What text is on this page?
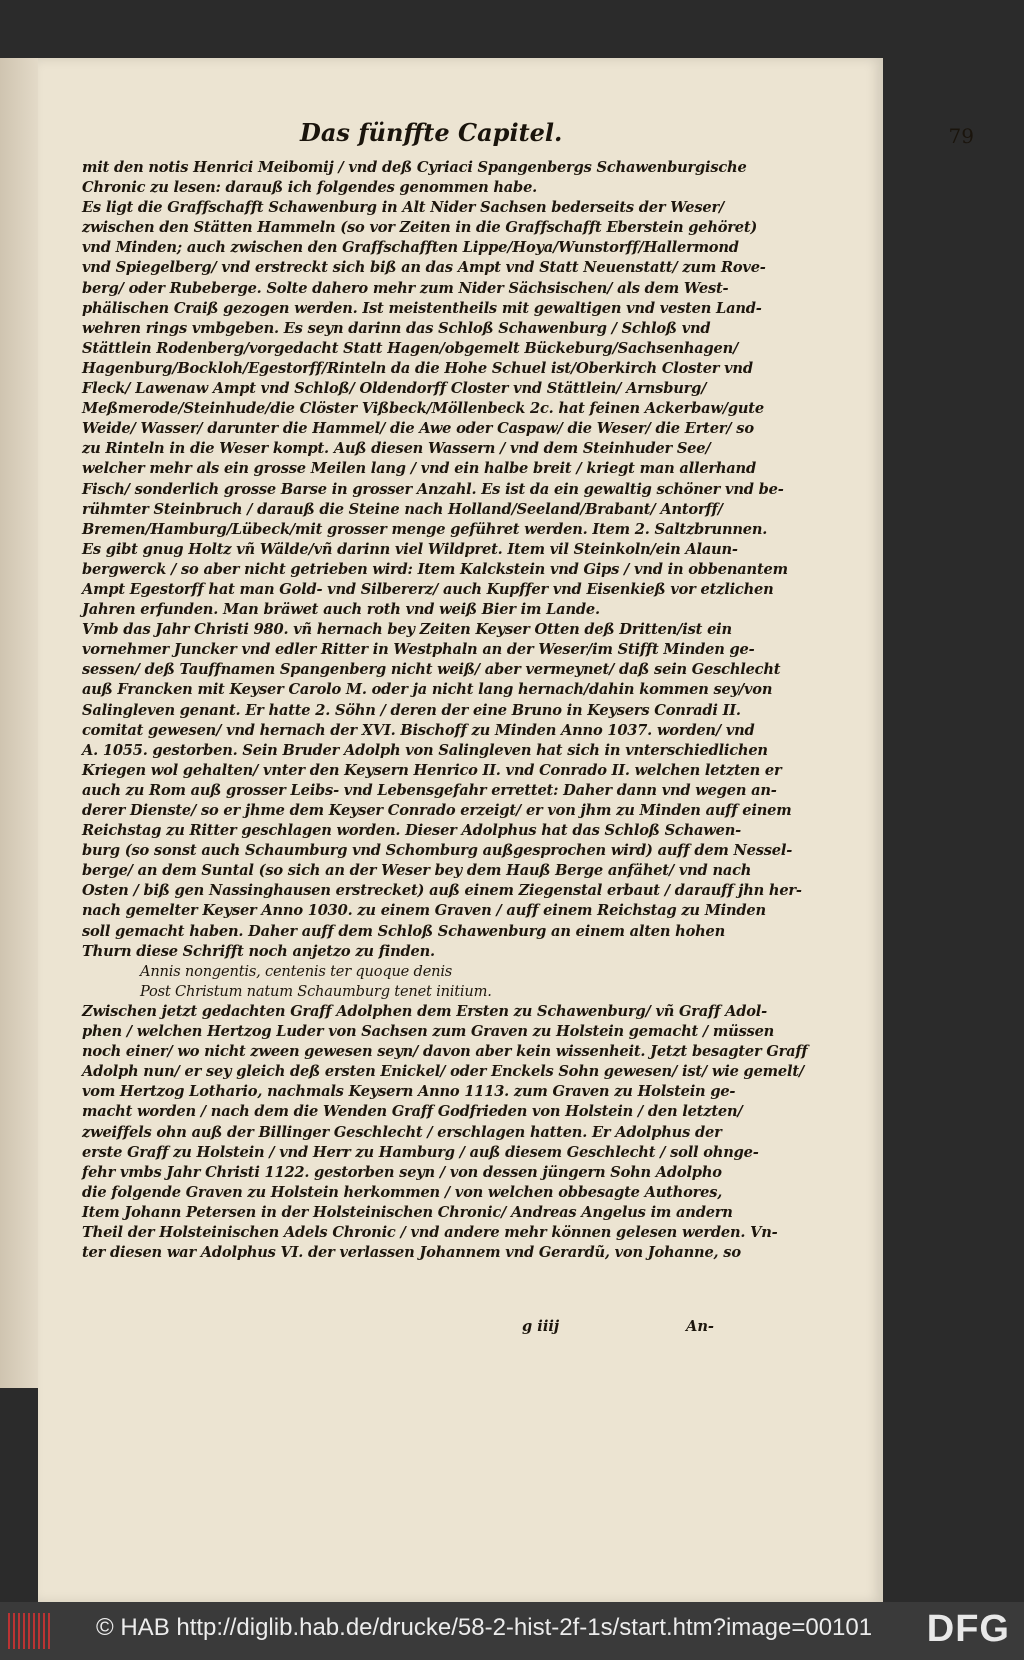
Das fünffte Capitel.	79
mit den notis Henrici Meibomij / vnd deß Cyriaci Spangenbergs Schawenburgische
Chronic zu lesen: darauß ich folgendes genommen habe.
Es ligt die Graffschafft Schawenburg in Alt Nider Sachsen bederseits der Weser/
zwischen den Stätten Hammeln (so vor Zeiten in die Graffschafft Eberstein gehöret)
vnd Minden; auch zwischen den Graffschafften Lippe/Hoya/Wunstorff/Hallermond
vnd Spiegelberg/ vnd erstreckt sich biß an das Ampt vnd Statt Neuenstatt/ zum Rove-
berg/ oder Rubeberge. Solte dahero mehr zum Nider Sächsischen/ als dem West-
phälischen Craiß gezogen werden. Ist meistentheils mit gewaltigen vnd vesten Land-
wehren rings vmbgeben. Es seyn darinn das Schloß Schawenburg / Schloß vnd
Stättlein Rodenberg/vorgedacht Statt Hagen/obgemelt Bückeburg/Sachsenhagen/
Hagenburg/Bockloh/Egestorff/Rinteln da die Hohe Schuel ist/Oberkirch Closter vnd
Fleck/ Lawenaw Ampt vnd Schloß/ Oldendorff Closter vnd Stättlein/ Arnsburg/
Meßmerode/Steinhude/die Clöster Vißbeck/Möllenbeck 2c. hat feinen Ackerbaw/gute
Weide/ Wasser/ darunter die Hammel/ die Awe oder Caspaw/ die Weser/ die Erter/ so
zu Rinteln in die Weser kompt. Auß diesen Wassern / vnd dem Steinhuder See/
welcher mehr als ein grosse Meilen lang / vnd ein halbe breit / kriegt man allerhand
Fisch/ sonderlich grosse Barse in grosser Anzahl. Es ist da ein gewaltig schöner vnd be-
rühmter Steinbruch / darauß die Steine nach Holland/Seeland/Brabant/ Antorff/
Bremen/Hamburg/Lübeck/mit grosser menge geführet werden. Item 2. Saltzbrunnen.
Es gibt gnug Holtz vñ Wälde/vñ darinn viel Wildpret. Item vil Steinkoln/ein Alaun-
bergwerck / so aber nicht getrieben wird: Item Kalckstein vnd Gips / vnd in obbenantem
Ampt Egestorff hat man Gold- vnd Silbererz/ auch Kupffer vnd Eisenkieß vor etzlichen
Jahren erfunden. Man bräwet auch roth vnd weiß Bier im Lande.
Vmb das Jahr Christi 980. vñ hernach bey Zeiten Keyser Otten deß Dritten/ist ein
vornehmer Juncker vnd edler Ritter in Westphaln an der Weser/im Stifft Minden ge-
sessen/ deß Tauffnamen Spangenberg nicht weiß/ aber vermeynet/ daß sein Geschlecht
auß Francken mit Keyser Carolo M. oder ja nicht lang hernach/dahin kommen sey/von
Salingleven genant. Er hatte 2. Söhn / deren der eine Bruno in Keysers Conradi II.
comitat gewesen/ vnd hernach der XVI. Bischoff zu Minden Anno 1037. worden/ vnd
A. 1055. gestorben. Sein Bruder Adolph von Salingleven hat sich in vnterschiedlichen
Kriegen wol gehalten/ vnter den Keysern Henrico II. vnd Conrado II. welchen letzten er
auch zu Rom auß grosser Leibs- vnd Lebensgefahr errettet: Daher dann vnd wegen an-
derer Dienste/ so er jhme dem Keyser Conrado erzeigt/ er von jhm zu Minden auff einem
Reichstag zu Ritter geschlagen worden. Dieser Adolphus hat das Schloß Schawen-
burg (so sonst auch Schaumburg vnd Schomburg außgesprochen wird) auff dem Nessel-
berge/ an dem Suntal (so sich an der Weser bey dem Hauß Berge anfähet/ vnd nach
Osten / biß gen Nassinghausen erstrecket) auß einem Ziegenstal erbaut / darauff jhn her-
nach gemelter Keyser Anno 1030. zu einem Graven / auff einem Reichstag zu Minden
soll gemacht haben. Daher auff dem Schloß Schawenburg an einem alten hohen
Thurn diese Schrifft noch anjetzo zu finden.
Annis nongentis, centenis ter quoque denis
Post Christum natum Schaumburg tenet initium.
Zwischen jetzt gedachten Graff Adolphen dem Ersten zu Schawenburg/ vñ Graff Adol-
phen / welchen Hertzog Luder von Sachsen zum Graven zu Holstein gemacht / müssen
noch einer/ wo nicht zween gewesen seyn/ davon aber kein wissenheit. Jetzt besagter Graff
Adolph nun/ er sey gleich deß ersten Enickel/ oder Enckels Sohn gewesen/ ist/ wie gemelt/
vom Hertzog Lothario, nachmals Keysern Anno 1113. zum Graven zu Holstein ge-
macht worden / nach dem die Wenden Graff Godfrieden von Holstein / den letzten/
zweiffels ohn auß der Billinger Geschlecht / erschlagen hatten. Er Adolphus der
erste Graff zu Holstein / vnd Herr zu Hamburg / auß diesem Geschlecht / soll ohnge-
fehr vmbs Jahr Christi 1122. gestorben seyn / von dessen jüngern Sohn Adolpho
die folgende Graven zu Holstein herkommen / von welchen obbesagte Authores,
Item Johann Petersen in der Holsteinischen Chronic/ Andreas Angelus im andern
Theil der Holsteinischen Adels Chronic / vnd andere mehr können gelesen werden. Vn-
ter diesen war Adolphus VI. der verlassen Johannem vnd Gerardũ, von Johanne, so
g iiij	An-
© HAB http://diglib.hab.de/drucke/58-2-hist-2f-1s/start.htm?image=00101 DFG
